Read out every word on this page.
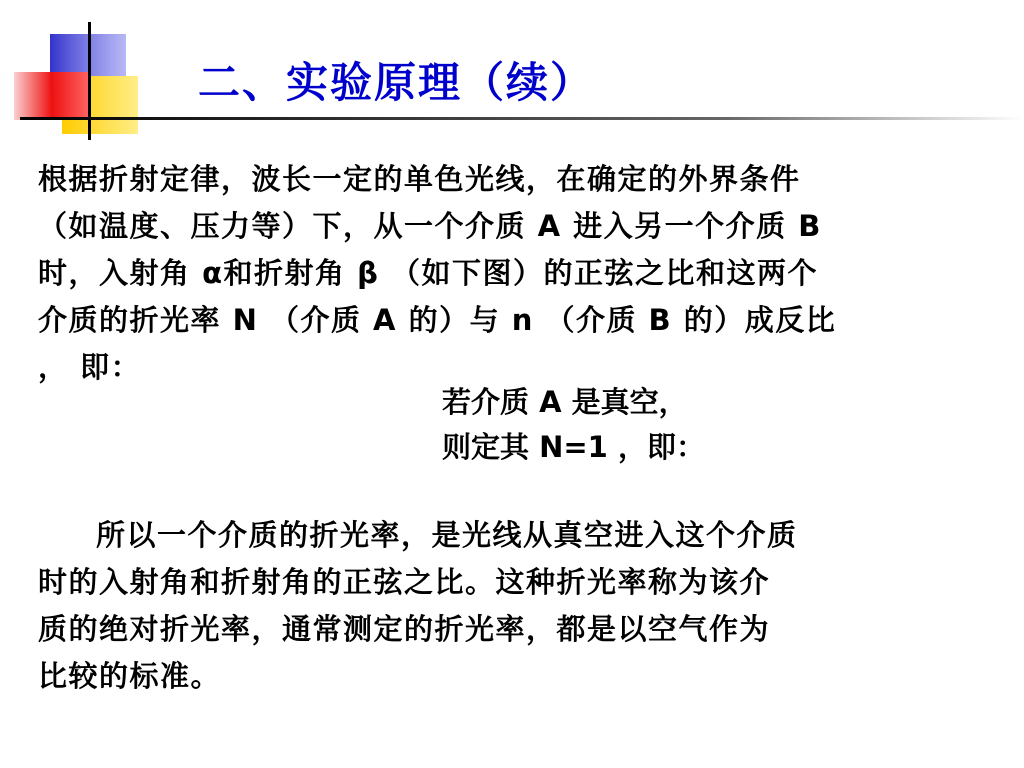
二、实验原理（续）
根据折射定律，波长一定的单色光线，在确定的外界条件
（如温度、压力等）下，从一个介质 A 进入另一个介质 B
时，入射角 α和折射角 β （如下图）的正弦之比和这两个
介质的折光率 N （介质 A 的）与 n （介质 B 的）成反比
， 即：
若介质 A 是真空，
则定其 N=1 ，即：
所以一个介质的折光率，是光线从真空进入这个介质
时的入射角和折射角的正弦之比。这种折光率称为该介
质的绝对折光率，通常测定的折光率，都是以空气作为
比较的标准。
